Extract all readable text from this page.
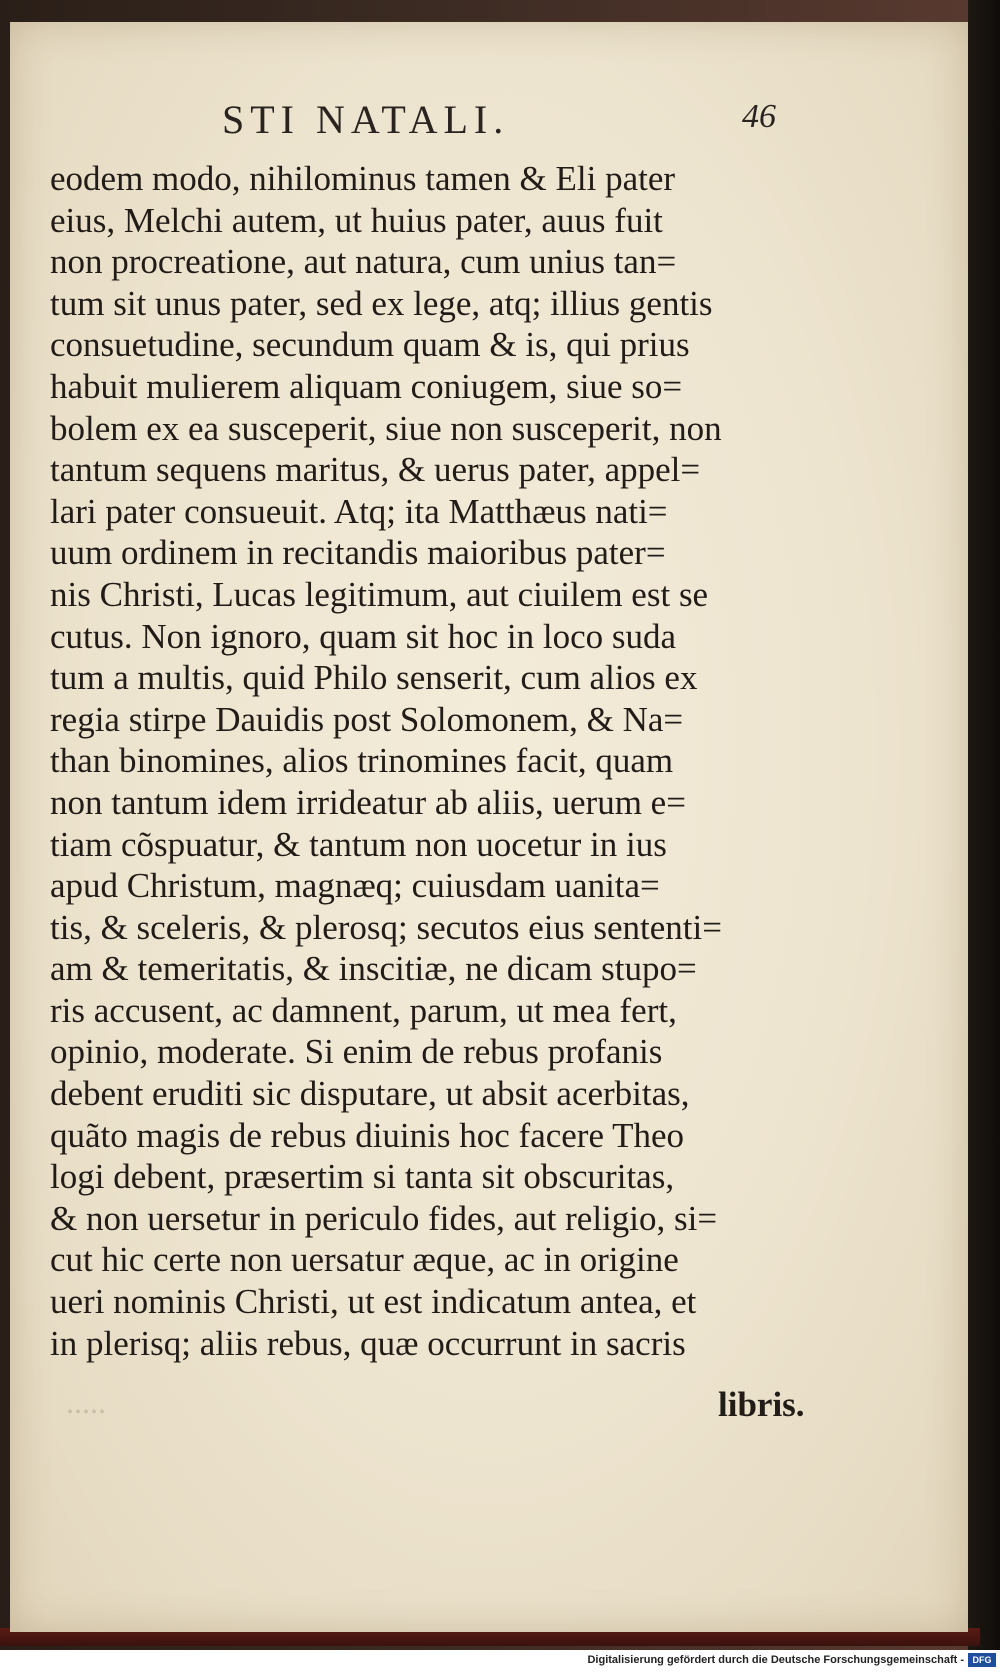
STI NATALI.	46
eodem modo, nihilominus tamen & Eli pater
eius, Melchi autem, ut huius pater, auus fuit
non procreatione, aut natura, cum unius tan=
tum sit unus pater, sed ex lege, atq; illius gentis
consuetudine, secundum quam & is, qui prius
habuit mulierem aliquam coniugem, siue so=
bolem ex ea susceperit, siue non susceperit, non
tantum sequens maritus, & uerus pater, appel=
lari pater consueuit. Atq; ita Matthæus nati=
uum ordinem in recitandis maioribus pater=
nis Christi, Lucas legitimum, aut ciuilem est se
cutus. Non ignoro, quam sit hoc in loco suda
tum a multis, quid Philo senserit, cum alios ex
regia stirpe Dauidis post Solomonem, & Na=
than binomines, alios trinomines facit, quam
non tantum idem irrideatur ab aliis, uerum e=
tiam cõspuatur, & tantum non uocetur in ius
apud Christum, magnæq; cuiusdam uanita=
tis, & sceleris, & plerosq; secutos eius sententi=
am & temeritatis, & inscitiæ, ne dicam stupo=
ris accusent, ac damnent, parum, ut mea fert,
opinio, moderate. Si enim de rebus profanis
debent eruditi sic disputare, ut absit acerbitas,
quãto magis de rebus diuinis hoc facere Theo
logi debent, præsertim si tanta sit obscuritas,
& non uersetur in periculo fides, aut religio, si=
cut hic certe non uersatur æque, ac in origine
ueri nominis Christi, ut est indicatum antea, et
in plerisq; aliis rebus, quæ occurrunt in sacris
.....	libris.
Digitalisierung gefördert durch die Deutsche Forschungsgemeinschaft - DFG
